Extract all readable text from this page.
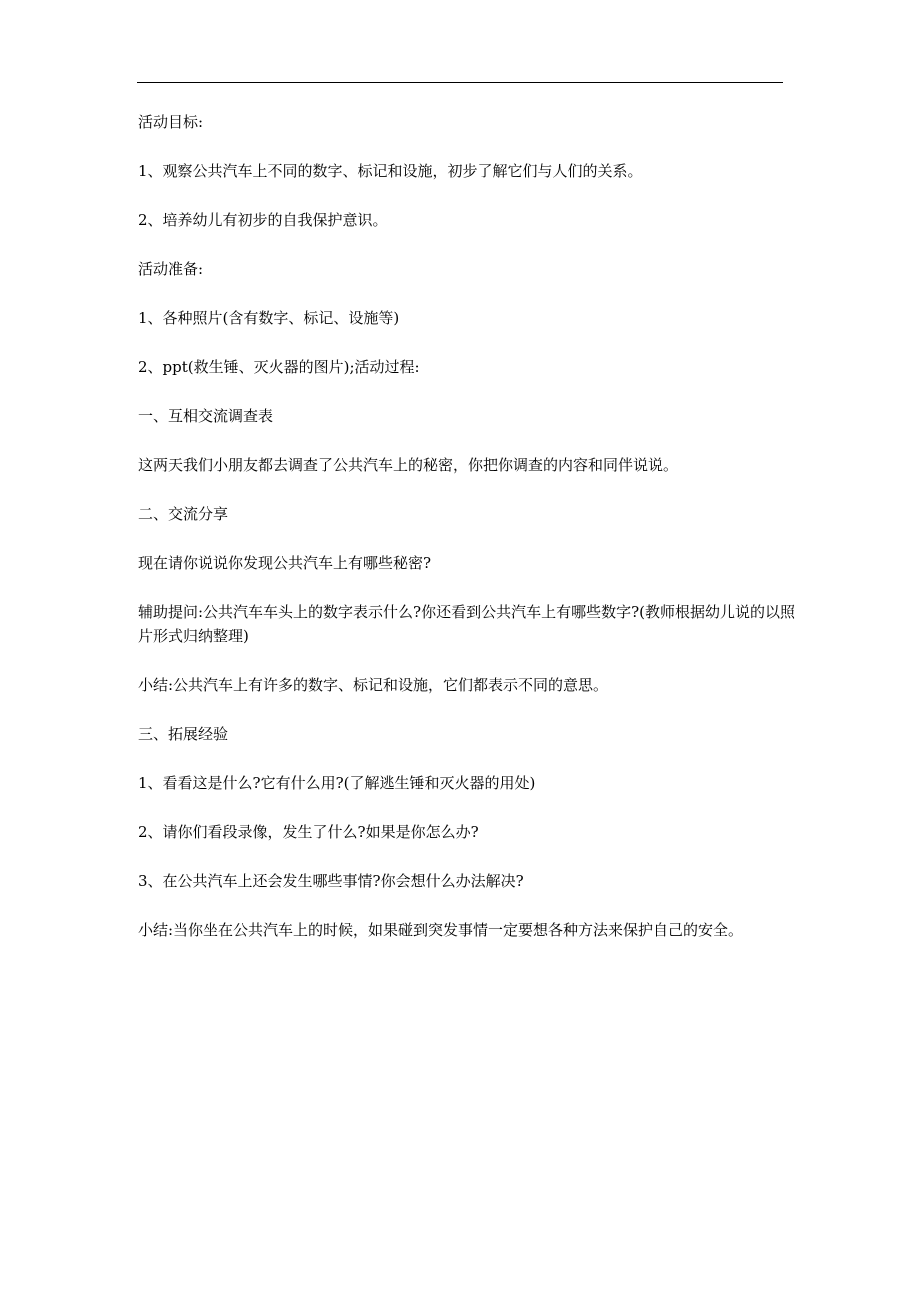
活动目标:

1、观察公共汽车上不同的数字、标记和设施，初步了解它们与人们的关系。

2、培养幼儿有初步的自我保护意识。

活动准备:

1、各种照片(含有数字、标记、设施等)

2、ppt(救生锤、灭火器的图片);活动过程:

一、互相交流调查表

这两天我们小朋友都去调查了公共汽车上的秘密，你把你调查的内容和同伴说说。

二、交流分享

现在请你说说你发现公共汽车上有哪些秘密?

辅助提问:公共汽车车头上的数字表示什么?你还看到公共汽车上有哪些数字?(教师根据幼儿说的以照片形式归纳整理)

小结:公共汽车上有许多的数字、标记和设施，它们都表示不同的意思。

三、拓展经验

1、看看这是什么?它有什么用?(了解逃生锤和灭火器的用处)

2、请你们看段录像，发生了什么?如果是你怎么办?

3、在公共汽车上还会发生哪些事情?你会想什么办法解决?

小结:当你坐在公共汽车上的时候，如果碰到突发事情一定要想各种方法来保护自己的安全。
